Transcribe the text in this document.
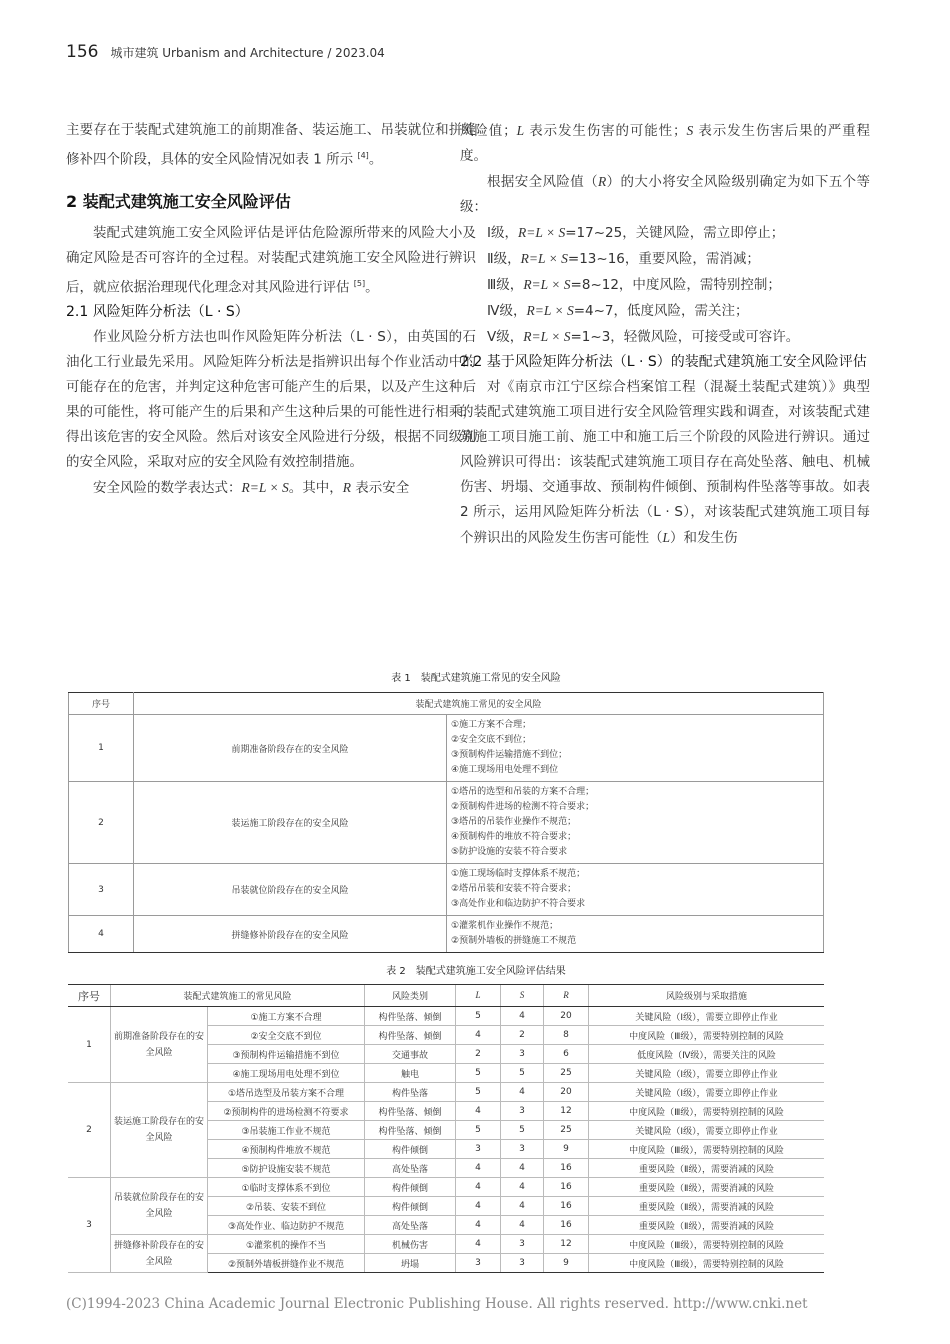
156 城市建筑 Urbanism and Architecture / 2023.04

主要存在于装配式建筑施工的前期准备、装运施工、吊装就位和拼缝修补四个阶段，具体的安全风险情况如表 1 所示 [4]。

2 装配式建筑施工安全风险评估

装配式建筑施工安全风险评估是评估危险源所带来的风险大小及确定风险是否可容许的全过程。对装配式建筑施工安全风险进行辨识后，就应依据治理现代化理念对其风险进行评估 [5]。

2.1 风险矩阵分析法（L · S）

作业风险分析方法也叫作风险矩阵分析法（L · S），由英国的石油化工行业最先采用。风险矩阵分析法是指辨识出每个作业活动中的可能存在的危害，并判定这种危害可能产生的后果，以及产生这种后果的可能性，将可能产生的后果和产生这种后果的可能性进行相乘，得出该危害的安全风险。然后对该安全风险进行分级，根据不同级别的安全风险，采取对应的安全风险有效控制措施。

安全风险的数学表达式：R=L × S。其中，R 表示安全

风险值；L 表示发生伤害的可能性；S 表示发生伤害后果的严重程度。

根据安全风险值（R）的大小将安全风险级别确定为如下五个等级：

Ⅰ级，R=L × S=17~25，关键风险，需立即停止；

Ⅱ级，R=L × S=13~16，重要风险，需消减；

Ⅲ级，R=L × S=8~12，中度风险，需特别控制；

Ⅳ级，R=L × S=4~7，低度风险，需关注；

Ⅴ级，R=L × S=1~3，轻微风险，可接受或可容许。

2.2 基于风险矩阵分析法（L · S）的装配式建筑施工安全风险评估

对《南京市江宁区综合档案馆工程（混凝土装配式建筑）》典型的装配式建筑施工项目进行安全风险管理实践和调查，对该装配式建筑施工项目施工前、施工中和施工后三个阶段的风险进行辨识。通过风险辨识可得出：该装配式建筑施工项目存在高处坠落、触电、机械伤害、坍塌、交通事故、预制构件倾倒、预制构件坠落等事故。如表 2 所示，运用风险矩阵分析法（L · S），对该装配式建筑施工项目每个辨识出的风险发生伤害可能性（L）和发生伤

表 1　装配式建筑施工常见的安全风险
序号	装配式建筑施工常见的安全风险	
1	前期准备阶段存在的安全风险	①施工方案不合理；
②安全交底不到位；
③预制构件运输措施不到位；
④施工现场用电处理不到位

2	装运施工阶段存在的安全风险	①塔吊的选型和吊装的方案不合理；
②预制构件进场的检测不符合要求；
③塔吊的吊装作业操作不规范；
④预制构件的堆放不符合要求；
⑤防护设施的安装不符合要求

3	吊装就位阶段存在的安全风险	①施工现场临时支撑体系不规范；
②塔吊吊装和安装不符合要求；
③高处作业和临边防护不符合要求

4	拼缝修补阶段存在的安全风险	①灌浆机作业操作不规范；
②预制外墙板的拼缝施工不规范
表 2　装配式建筑施工安全风险评估结果
序号	装配式建筑施工的常见风险		风险类别	L	S	R	风险级别与采取措施
1	前期准备阶段存在的安全风险	①施工方案不合理	构件坠落、倾倒	5	4	20	关键风险（Ⅰ级），需要立即停止作业
		②安全交底不到位	构件坠落、倾倒	4	2	8	中度风险（Ⅲ级），需要特别控制的风险
		③预制构件运输措施不到位	交通事故	2	3	6	低度风险（Ⅳ级），需要关注的风险
		④施工现场用电处理不到位	触电	5	5	25	关键风险（Ⅰ级），需要立即停止作业
2	装运施工阶段存在的安全风险	①塔吊选型及吊装方案不合理	构件坠落	5	4	20	关键风险（Ⅰ级），需要立即停止作业
		②预制构件的进场检测不符要求	构件坠落、倾倒	4	3	12	中度风险（Ⅲ级），需要特别控制的风险
		③吊装施工作业不规范	构件坠落、倾倒	5	5	25	关键风险（Ⅰ级），需要立即停止作业
		④预制构件堆放不规范	构件倾倒	3	3	9	中度风险（Ⅲ级），需要特别控制的风险
		⑤防护设施安装不规范	高处坠落	4	4	16	重要风险（Ⅱ级），需要消减的风险
3	吊装就位阶段存在的安全风险	①临时支撑体系不到位	构件倾倒	4	4	16	重要风险（Ⅱ级），需要消减的风险
		②吊装、安装不到位	构件倾倒	4	4	16	重要风险（Ⅱ级），需要消减的风险
		③高处作业、临边防护不规范	高处坠落	4	4	16	重要风险（Ⅱ级），需要消减的风险
	拼缝修补阶段存在的安全风险	①灌浆机的操作不当	机械伤害	4	3	12	中度风险（Ⅲ级），需要特别控制的风险
		②预制外墙板拼缝作业不规范	坍塌	3	3	9	中度风险（Ⅲ级），需要特别控制的风险
(C)1994-2023 China Academic Journal Electronic Publishing House. All rights reserved. http://www.cnki.net
